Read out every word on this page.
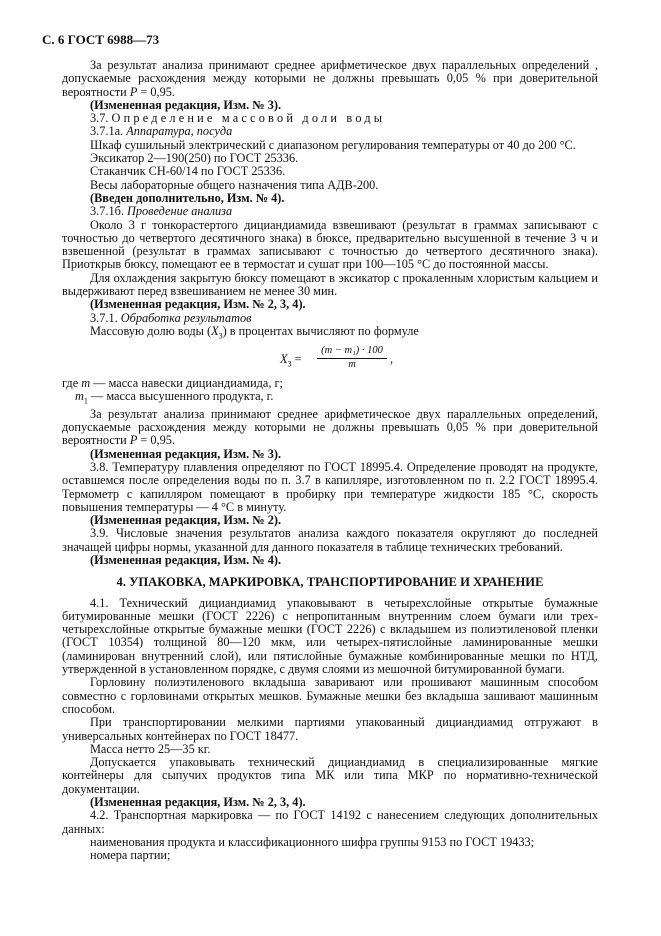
С. 6 ГОСТ 6988—73

За результат анализа принимают среднее арифметическое двух параллельных определений , допускаемые расхождения между которыми не должны превышать 0,05 % при доверительной вероятности P = 0,95.

(Измененная редакция, Изм. № 3).

3.7. Определение массовой доли воды

3.7.1а. Аппаратура, посуда

Шкаф сушильный электрический с диапазоном регулирования температуры от 40 до 200 °С.

Эксикатор 2—190(250) по ГОСТ 25336.

Стаканчик СН-60/14 по ГОСТ 25336.

Весы лабораторные общего назначения типа АДВ-200.

(Введен дополнительно, Изм. № 4).

3.7.1б. Проведение анализа

Около 3 г тонкорастертого дициандиамида взвешивают (результат в граммах записывают с точностью до четвертого десятичного знака) в бюксе, предварительно высушенной в течение 3 ч и взвешенной (результат в граммах записывают с точностью до четвертого десятичного знака). Приоткрыв бюксу, помещают ее в термостат и сушат при 100—105 °С до постоянной массы.

Для охлаждения закрытую бюксу помещают в эксикатор с прокаленным хлористым кальцием и выдерживают перед взвешиванием не менее 30 мин.

(Измененная редакция, Изм. № 2, 3, 4).

3.7.1. Обработка результатов

Массовую долю воды $(X_3)$ в процентах вычисляют по формуле

$X_3 = \frac{\text{(m − m₁) · 100}}{m}$ ,

где m — масса навески дициандиамида, г;

$m_1$ — масса высушенного продукта, г.

За результат анализа принимают среднее арифметическое двух параллельных определений, допускаемые расхождения между которыми не должны превышать 0,05 % при доверительной вероятности P = 0,95.

(Измененная редакция, Изм. № 3).

3.8. Температуру плавления определяют по ГОСТ 18995.4. Определение проводят на продукте, оставшемся после определения воды по п. 3.7 в капилляре, изготовленном по п. 2.2 ГОСТ 18995.4. Термометр с капилляром помещают в пробирку при температуре жидкости 185 °С, скорость повышения температуры — 4 °С в минуту.

(Измененная редакция, Изм. № 2).

3.9. Числовые значения результатов анализа каждого показателя округляют до последней значащей цифры нормы, указанной для данного показателя в таблице технических требований.

(Измененная редакция, Изм. № 4).

4. УПАКОВКА, МАРКИРОВКА, ТРАНСПОРТИРОВАНИЕ И ХРАНЕНИЕ

4.1. Технический дициандиамид упаковывают в четырехслойные открытые бумажные битумированные мешки (ГОСТ 2226) с непропитанным внутренним слоем бумаги или трех-четырехслойные открытые бумажные мешки (ГОСТ 2226) с вкладышем из полиэтиленовой пленки (ГОСТ 10354) толщиной 80—120 мкм, или четырех-пятислойные ламинированные мешки (ламинирован внутренний слой), или пятислойные бумажные комбинированные мешки по НТД, утвержденной в установленном порядке, с двумя слоями из мешочной битумированной бумаги.

Горловину полиэтиленового вкладыша заваривают или прошивают машинным способом совместно с горловинами открытых мешков. Бумажные мешки без вкладыша зашивают машинным способом.

При транспортировании мелкими партиями упакованный дициандиамид отгружают в универсальных контейнерах по ГОСТ 18477.

Масса нетто 25—35 кг.

Допускается упаковывать технический дициандиамид в специализированные мягкие контейнеры для сыпучих продуктов типа МК или типа МКР по нормативно-технической документации.

(Измененная редакция, Изм. № 2, 3, 4).

4.2. Транспортная маркировка — по ГОСТ 14192 с нанесением следующих дополнительных данных:

наименования продукта и классификационного шифра группы 9153 по ГОСТ 19433;

номера партии;
